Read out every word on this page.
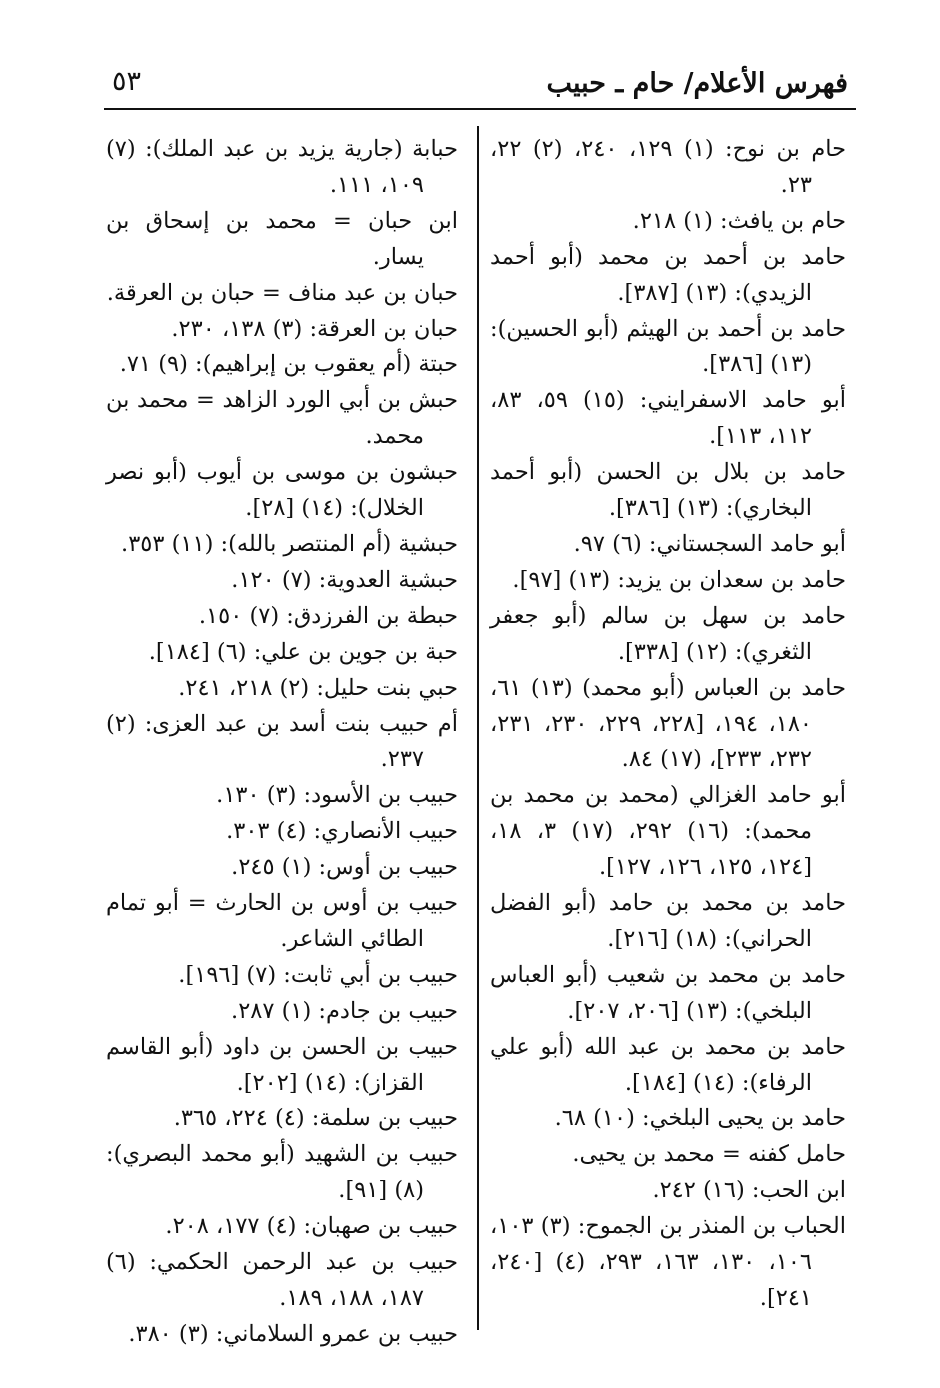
فهرس الأعلام/ حام ـ حبيب
٥٣
حام بن نوح: (١) ١٢٩، ٢٤٠، (٢) ٢٢، ٢٣.
حام بن يافث: (١) ٢١٨.
حامد بن أحمد بن محمد (أبو أحمد الزيدي): (١٣) [٣٨٧].
حامد بن أحمد بن الهيثم (أبو الحسين): (١٣) [٣٨٦].
أبو حامد الاسفرايني: (١٥) ٥٩، ٨٣، ١١٢، ١١٣].
حامد بن بلال بن الحسن (أبو أحمد البخاري): (١٣) [٣٨٦].
أبو حامد السجستاني: (٦) ٩٧.
حامد بن سعدان بن يزيد: (١٣) [٩٧].
حامد بن سهل بن سالم (أبو جعفر الثغري): (١٢) [٣٣٨].
حامد بن العباس (أبو محمد) (١٣) ٦١، ١٨٠، ١٩٤، [٢٢٨، ٢٢٩، ٢٣٠، ٢٣١، ٢٣٢، ٢٣٣]، (١٧) ٨٤.
أبو حامد الغزالي (محمد بن محمد بن محمد): (١٦) ٢٩٢، (١٧) ٣، ١٨، [١٢٤، ١٢٥، ١٢٦، ١٢٧].
حامد بن محمد بن حامد (أبو الفضل الحراني): (١٨) [٢١٦].
حامد بن محمد بن شعيب (أبو العباس البلخي): (١٣) [٢٠٦، ٢٠٧].
حامد بن محمد بن عبد الله (أبو علي الرفاء): (١٤) [١٨٤].
حامد بن يحيى البلخي: (١٠) ٦٨.
حامل كفنه = محمد بن يحيى.
ابن الحب: (١٦) ٢٤٢.
الحباب بن المنذر بن الجموح: (٣) ١٠٣، ١٠٦، ١٣٠، ١٦٣، ٢٩٣، (٤) [٢٤٠، ٢٤١].
حبابة (جارية يزيد بن عبد الملك): (٧) ١٠٩، ١١١.
ابن حبان = محمد بن إسحاق بن يسار.
حبان بن عبد مناف = حبان بن العرقة.
حبان بن العرقة: (٣) ١٣٨، ٢٣٠.
حبتة (أم يعقوب بن إبراهيم): (٩) ٧١.
حبش بن أبي الورد الزاهد = محمد بن محمد.
حبشون بن موسى بن أيوب (أبو نصر الخلال): (١٤) [٢٨].
حبشية (أم المنتصر بالله): (١١) ٣٥٣.
حبشية العدوية: (٧) ١٢٠.
حبطة بن الفرزدق: (٧) ١٥٠.
حبة بن جوين بن علي: (٦) [١٨٤].
حبي بنت حليل: (٢) ٢١٨، ٢٤١.
أم حبيب بنت أسد بن عبد العزى: (٢) ٢٣٧.
حبيب بن الأسود: (٣) ١٣٠.
حبيب الأنصاري: (٤) ٣٠٣.
حبيب بن أوس: (١) ٢٤٥.
حبيب بن أوس بن الحارث = أبو تمام الطائي الشاعر.
حبيب بن أبي ثابت: (٧) [١٩٦].
حبيب بن جادم: (١) ٢٨٧.
حبيب بن الحسن بن داود (أبو القاسم القزاز): (١٤) [٢٠٢].
حبيب بن سلمة: (٤) ٢٢٤، ٣٦٥.
حبيب بن الشهيد (أبو محمد البصري): (٨) [٩١].
حبيب بن صهبان: (٤) ١٧٧، ٢٠٨.
حبيب بن عبد الرحمن الحكمي: (٦) ١٨٧، ١٨٨، ١٨٩.
حبيب بن عمرو السلاماني: (٣) ٣٨٠.
